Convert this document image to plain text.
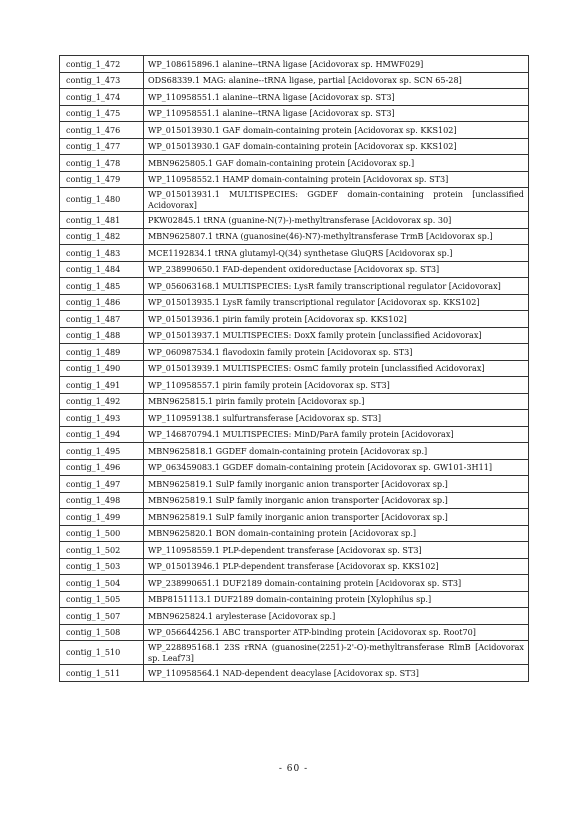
contig_1_472	WP_108615896.1 alanine--tRNA ligase [Acidovorax sp. HMWF029]
contig_1_473	ODS68339.1 MAG: alanine--tRNA ligase, partial [Acidovorax sp. SCN 65-28]
contig_1_474	WP_110958551.1 alanine--tRNA ligase [Acidovorax sp. ST3]
contig_1_475	WP_110958551.1 alanine--tRNA ligase [Acidovorax sp. ST3]
contig_1_476	WP_015013930.1 GAF domain-containing protein [Acidovorax sp. KKS102]
contig_1_477	WP_015013930.1 GAF domain-containing protein [Acidovorax sp. KKS102]
contig_1_478	MBN9625805.1 GAF domain-containing protein [Acidovorax sp.]
contig_1_479	WP_110958552.1 HAMP domain-containing protein [Acidovorax sp. ST3]
contig_1_480	WP_015013931.1 MULTISPECIES: GGDEF domain-containing protein [unclassified Acidovorax]
contig_1_481	PKW02845.1 tRNA (guanine-N(7)-)-methyltransferase [Acidovorax sp. 30]
contig_1_482	MBN9625807.1 tRNA (guanosine(46)-N7)-methyltransferase TrmB [Acidovorax sp.]
contig_1_483	MCE1192834.1 tRNA glutamyl-Q(34) synthetase GluQRS [Acidovorax sp.]
contig_1_484	WP_238990650.1 FAD-dependent oxidoreductase [Acidovorax sp. ST3]
contig_1_485	WP_056063168.1 MULTISPECIES: LysR family transcriptional regulator [Acidovorax]
contig_1_486	WP_015013935.1 LysR family transcriptional regulator [Acidovorax sp. KKS102]
contig_1_487	WP_015013936.1 pirin family protein [Acidovorax sp. KKS102]
contig_1_488	WP_015013937.1 MULTISPECIES: DoxX family protein [unclassified Acidovorax]
contig_1_489	WP_060987534.1 flavodoxin family protein [Acidovorax sp. ST3]
contig_1_490	WP_015013939.1 MULTISPECIES: OsmC family protein [unclassified Acidovorax]
contig_1_491	WP_110958557.1 pirin family protein [Acidovorax sp. ST3]
contig_1_492	MBN9625815.1 pirin family protein [Acidovorax sp.]
contig_1_493	WP_110959138.1 sulfurtransferase [Acidovorax sp. ST3]
contig_1_494	WP_146870794.1 MULTISPECIES: MinD/ParA family protein [Acidovorax]
contig_1_495	MBN9625818.1 GGDEF domain-containing protein [Acidovorax sp.]
contig_1_496	WP_063459083.1 GGDEF domain-containing protein [Acidovorax sp. GW101-3H11]
contig_1_497	MBN9625819.1 SulP family inorganic anion transporter [Acidovorax sp.]
contig_1_498	MBN9625819.1 SulP family inorganic anion transporter [Acidovorax sp.]
contig_1_499	MBN9625819.1 SulP family inorganic anion transporter [Acidovorax sp.]
contig_1_500	MBN9625820.1 BON domain-containing protein [Acidovorax sp.]
contig_1_502	WP_110958559.1 PLP-dependent transferase [Acidovorax sp. ST3]
contig_1_503	WP_015013946.1 PLP-dependent transferase [Acidovorax sp. KKS102]
contig_1_504	WP_238990651.1 DUF2189 domain-containing protein [Acidovorax sp. ST3]
contig_1_505	MBP8151113.1 DUF2189 domain-containing protein [Xylophilus sp.]
contig_1_507	MBN9625824.1 arylesterase [Acidovorax sp.]
contig_1_508	WP_056644256.1 ABC transporter ATP-binding protein [Acidovorax sp. Root70]
contig_1_510	WP_228895168.1 23S rRNA (guanosine(2251)-2'-O)-methyltransferase RlmB [Acidovorax sp. Leaf73]
contig_1_511	WP_110958564.1 NAD-dependent deacylase [Acidovorax sp. ST3]
- 60 -
